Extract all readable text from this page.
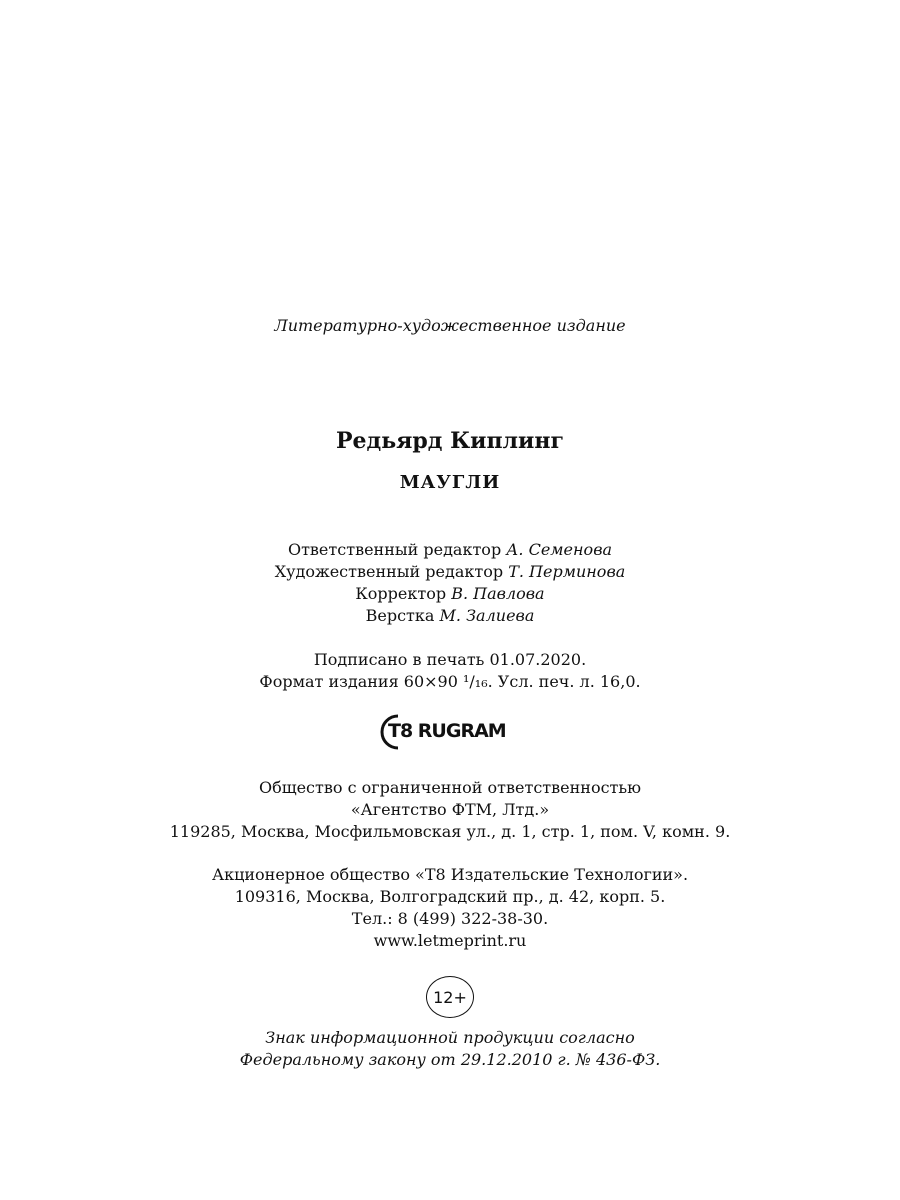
Литературно-художественное издание
Редьярд Киплинг
МАУГЛИ
Ответственный редактор А. Семенова
Художественный редактор Т. Перминова
Корректор В. Павлова
Верстка М. Залиева
Подписано в печать 01.07.2020.
Формат издания 60×90 ¹/₁₆. Усл. печ. л. 16,0.
T8 RUGRAM
Общество с ограниченной ответственностью
«Агентство ФТМ, Лтд.»
119285, Москва, Мосфильмовская ул., д. 1, стр. 1, пом. V, комн. 9.
Акционерное общество «Т8 Издательские Технологии».
109316, Москва, Волгоградский пр., д. 42, корп. 5.
Тел.: 8 (499) 322-38-30.
www.letmeprint.ru
12+
Знак информационной продукции согласно
Федеральному закону от 29.12.2010 г. № 436-ФЗ.
